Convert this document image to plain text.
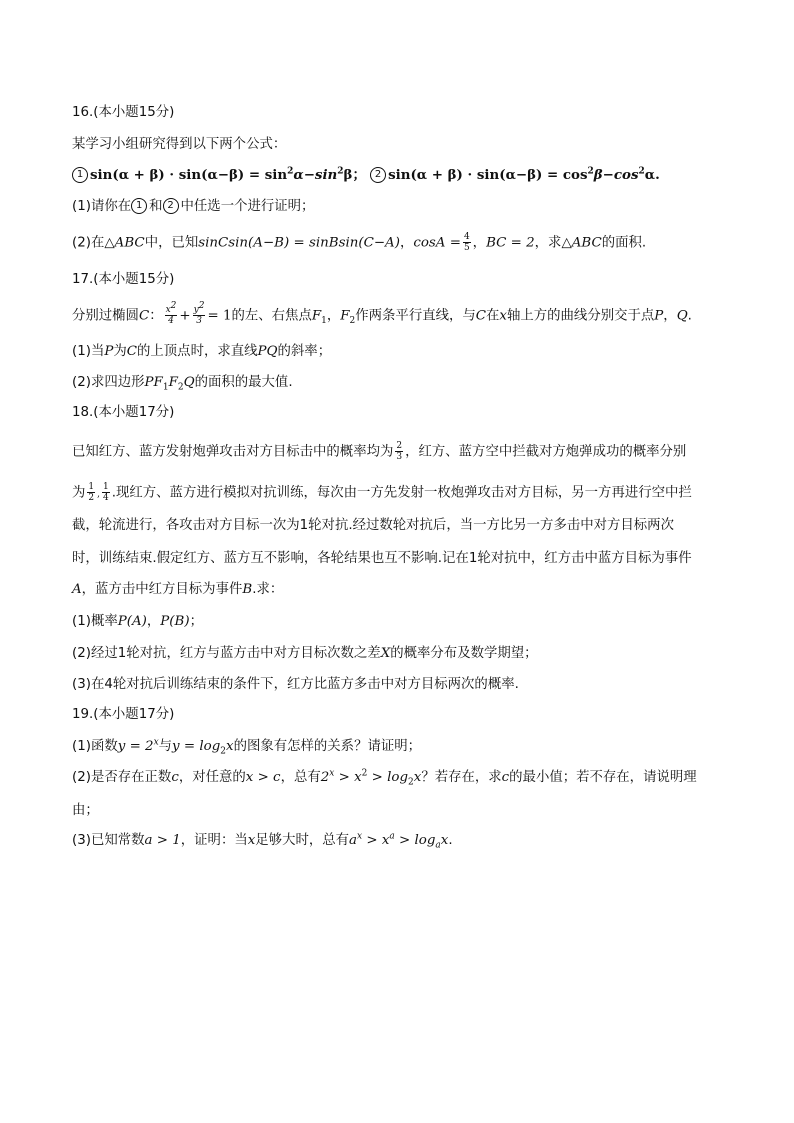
16.(本小题15分)
某学习小组研究得到以下两个公式：
1 $\sin(\alpha + \beta) \cdot \sin(\alpha-\beta) = \sin^2\alpha-\sin^2\beta$； 2 $\sin(\alpha + \beta) \cdot \sin(\alpha-\beta) = \cos^2\beta-\cos^2\alpha$.
(1)请你在 1 和 2 中任选一个进行证明；
(2)在△ABC中，已知sinCsin(A−B) = sinBsin(C−A)，$\cos A = \frac{4}{5}$ ，BC = 2，求△ABC的面积.
17.(本小题15分)
分别过椭圆C： $\frac{x^2}{4} + \frac{y^2}{3} = 1$的左、右焦点$F_1$，$F_2$作两条平行直线，与C在x轴上方的曲线分别交于点P，Q.
(1)当P为C的上顶点时，求直线PQ的斜率；
(2)求四边形$PF_1F_2Q$的面积的最大值.
18.(本小题17分)
已知红方、蓝方发射炮弹攻击对方目标击中的概率均为 $\frac{2}{3}$ ，红方、蓝方空中拦截对方炮弹成功的概率分别
为 $\frac{1}{2}$ , $\frac{1}{4}$ .现红方、蓝方进行模拟对抗训练，每次由一方先发射一枚炮弹攻击对方目标，另一方再进行空中拦
截，轮流进行，各攻击对方目标一次为1轮对抗.经过数轮对抗后，当一方比另一方多击中对方目标两次
时，训练结束.假定红方、蓝方互不影响，各轮结果也互不影响.记在1轮对抗中，红方击中蓝方目标为事件
A，蓝方击中红方目标为事件B.求：
(1)概率P(A)，P(B)；
(2)经过1轮对抗，红方与蓝方击中对方目标次数之差X的概率分布及数学期望；
(3)在4轮对抗后训练结束的条件下，红方比蓝方多击中对方目标两次的概率.
19.(本小题17分)
(1)函数$y = 2^x$与$y = \log_2x$的图象有怎样的关系？请证明；
(2)是否存在正数c，对任意的x > c，总有$2^x > x^2 > \log_2x$？若存在，求c的最小值；若不存在，请说明理
由；
(3)已知常数a > 1，证明：当x足够大时，总有$a^x > x^a > \log_ax$.
